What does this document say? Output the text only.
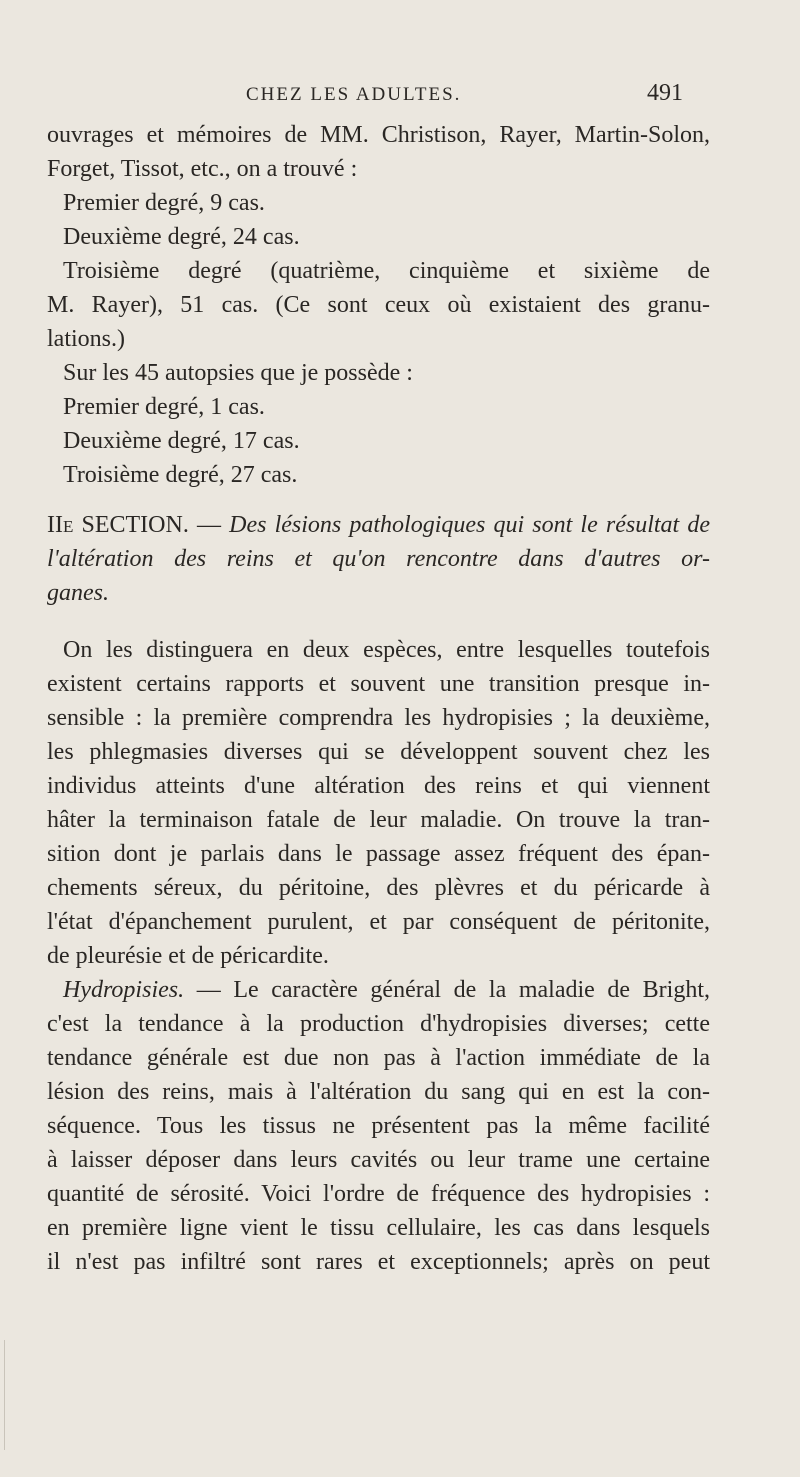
CHEZ LES ADULTES.	491
ouvrages et mémoires de MM. Christison, Rayer, Martin-Solon,
Forget, Tissot, etc., on a trouvé :
Premier degré, 9 cas.
Deuxième degré, 24 cas.
Troisième degré (quatrième, cinquième et sixième de
M. Rayer), 51 cas. (Ce sont ceux où existaient des granu-
lations.)
Sur les 45 autopsies que je possède :
Premier degré, 1 cas.
Deuxième degré, 17 cas.
Troisième degré, 27 cas.
IIe SECTION. — Des lésions pathologiques qui sont le résultat de
l'altération des reins et qu'on rencontre dans d'autres or-
ganes.
On les distinguera en deux espèces, entre lesquelles toutefois
existent certains rapports et souvent une transition presque in-
sensible : la première comprendra les hydropisies ; la deuxième,
les phlegmasies diverses qui se développent souvent chez les
individus atteints d'une altération des reins et qui viennent
hâter la terminaison fatale de leur maladie. On trouve la tran-
sition dont je parlais dans le passage assez fréquent des épan-
chements séreux, du péritoine, des plèvres et du péricarde à
l'état d'épanchement purulent, et par conséquent de péritonite,
de pleurésie et de péricardite.
Hydropisies. — Le caractère général de la maladie de Bright,
c'est la tendance à la production d'hydropisies diverses; cette
tendance générale est due non pas à l'action immédiate de la
lésion des reins, mais à l'altération du sang qui en est la con-
séquence. Tous les tissus ne présentent pas la même facilité
à laisser déposer dans leurs cavités ou leur trame une certaine
quantité de sérosité. Voici l'ordre de fréquence des hydropisies :
en première ligne vient le tissu cellulaire, les cas dans lesquels
il n'est pas infiltré sont rares et exceptionnels; après on peut
